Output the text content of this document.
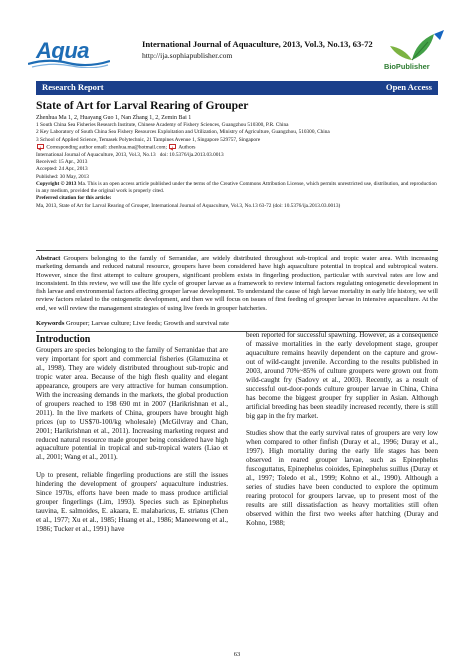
Aqua	International Journal of Aquaculture, 2013, Vol.3, No.13, 63-72
http://ija.sophiapublisher.com
BioPublisher
Research Report	Open Access
State of Art for Larval Rearing of Grouper
Zhenhua Ma 1, 2, Huayang Guo 1, Nan Zhang 1, 2, Zemin Bai 1
1 South China Sea Fisheries Research Institute, Chinese Academy of Fishery Sciences, Guangzhou 510300, P.R. China
2 Key Laboratory of South China Sea Fishery Resources Exploitation and Utilization, Ministry of Agriculture, Guangzhou, 510300, China
3 School of Applied Science, Temasek Polytechnic, 21 Tampines Avenue 1, Singapore 529757, Singapore
Corresponding author email: zhenhua.ma@hotmail.com; Authors
International Journal of Aquaculture, 2013, Vol.3, No.13 doi: 10.5376/ija.2013.03.0013
Received: 15 Apr., 2013
Accepted: 24 Apr., 2013
Published: 30 May, 2013
Copyright © 2013 Ma. This is an open access article published under the terms of the Creative Commons Attribution License, which permits unrestricted use, distribution, and reproduction in any medium, provided the original work is properly cited.
Preferred citation for this article:
Ma, 2013, State of Art for Larval Rearing of Grouper, International Journal of Aquaculture, Vol.3, No.13 63-72 (doi: 10.5376/ija.2013.03.0013)
Abstract Groupers belonging to the family of Serranidae, are widely distributed throughout sub-tropical and tropic water area. With increasing marketing demands and reduced natural resource, groupers have been considered have high aquaculture potential in tropical and subtropical waters. However, since the first attempt to culture groupers, significant problem exists in fingerling production, particular with survival rates are low and inconsistent. In this review, we will use the life cycle of grouper larvae as a framework to review internal factors regulating ontogenetic development in fish larvae and environmental factors affecting grouper larvae development. To understand the cause of high larvae mortality in early life history, we will review factors related to the ontogenetic development, and then we will focus on issues of first feeding of grouper larvae in intensive aquaculture. At the end, we will review the management strategies of using live feeds in grouper hatcheries.
Keywords Grouper; Larvae culture; Live feeds; Growth and survival rate
Introduction

Groupers are species belonging to the family of Serranidae that are very important for sport and commercial fisheries (Glamuzina et al., 1998). They are widely distributed throughout sub-tropic and tropic water area. Because of the high flesh quality and elegant appearance, groupers are very attractive for human consumption. With the increasing demands in the markets, the global production of groupers reached to 198 690 mt in 2007 (Harikrishnan et al., 2011). In the live markets of China, groupers have brought high prices (up to US$70-100/kg wholesale) (McGilvray and Chan, 2001; Harikrishnan et al., 2011). Increasing marketing request and reduced natural resource made grouper being considered have high aquaculture potential in tropical and sub-tropical waters (Liao et al., 2001; Wang et al., 2011).

Up to present, reliable fingerling productions are still the issues hindering the development of groupers' aquaculture industries. Since 1970s, efforts have been made to mass produce artificial grouper fingerlings (Lim, 1993). Species such as Epinephelus tauvina, E. salmoides, E. akaara, E. malabaricus, E. striatus (Chen et al., 1977; Xu et al., 1985; Huang et al., 1986; Maneewong et al., 1986; Tucker et al., 1991) have

been reported for successful spawning. However, as a consequence of massive mortalities in the early development stage, grouper aquaculture remains heavily dependent on the capture and grow-out of wild-caught juvenile. According to the results published in 2003, around 70%~85% of culture groupers were grown out from wild-caught fry (Sadovy et al., 2003). Recently, as a result of successful out-door-ponds culture grouper larvae in China, China has become the biggest grouper fry supplier in Asian. Although artificial breeding has been steadily increased recently, there is still big gap in the fry market.

Studies show that the early survival rates of groupers are very low when compared to other finfish (Duray et al., 1996; Duray et al., 1997). High mortality during the early life stages has been observed in reared grouper larvae, such as Epinephelus fuscoguttatus, Epinephelus coioides, Epinephelus suillus (Duray et al., 1997; Toledo et al., 1999; Kohno et al., 1990). Although a series of studies have been conducted to explore the optimum rearing protocol for groupers larvae, up to present most of the results are still dissatisfaction as heavy mortalities still often observed within the first two weeks after hatching (Duray and Kohno, 1988;

63
